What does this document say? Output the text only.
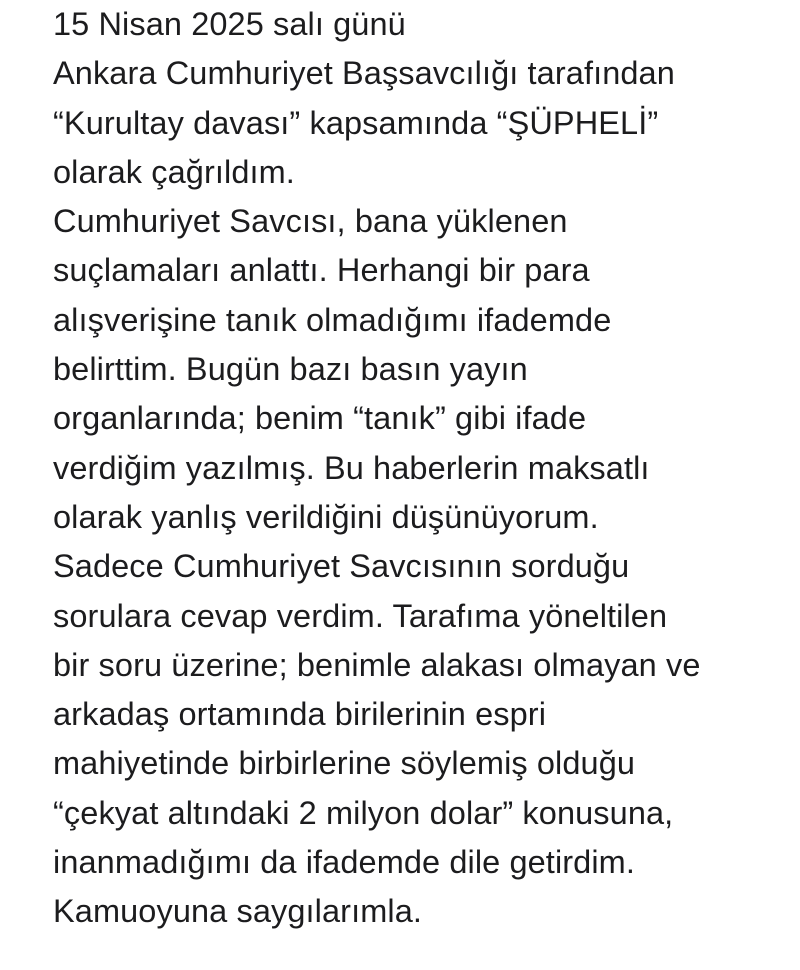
15 Nisan 2025 salı günü
Ankara Cumhuriyet Başsavcılığı tarafından
“Kurultay davası” kapsamında “ŞÜPHELİ”
olarak çağrıldım.
Cumhuriyet Savcısı, bana yüklenen
suçlamaları anlattı. Herhangi bir para
alışverişine tanık olmadığımı ifademde
belirttim. Bugün bazı basın yayın
organlarında; benim “tanık” gibi ifade
verdiğim yazılmış. Bu haberlerin maksatlı
olarak yanlış verildiğini düşünüyorum.
Sadece Cumhuriyet Savcısının sorduğu
sorulara cevap verdim. Tarafıma yöneltilen
bir soru üzerine; benimle alakası olmayan ve
arkadaş ortamında birilerinin espri
mahiyetinde birbirlerine söylemiş olduğu
“çekyat altındaki 2 milyon dolar” konusuna,
inanmadığımı da ifademde dile getirdim.
Kamuoyuna saygılarımla.
